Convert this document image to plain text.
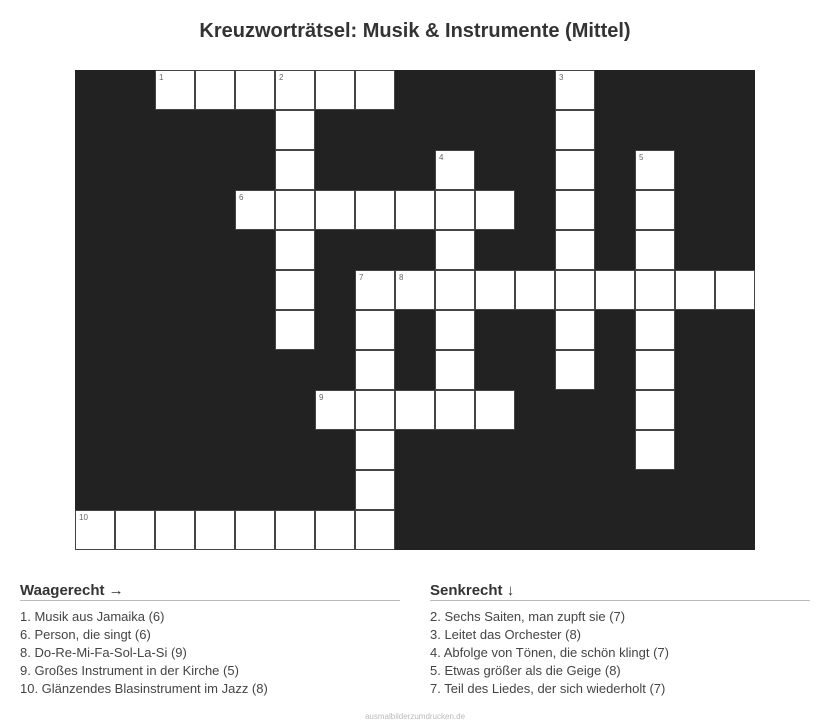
Kreuzworträtsel: Musik & Instrumente (Mittel)
1	2	3
4	5
6
7	8
9
10
Waagerecht →
1. Musik aus Jamaika (6)
6. Person, die singt (6)
8. Do-Re-Mi-Fa-Sol-La-Si (9)
9. Großes Instrument in der Kirche (5)
10. Glänzendes Blasinstrument im Jazz (8)
Senkrecht ↓
2. Sechs Saiten, man zupft sie (7)
3. Leitet das Orchester (8)
4. Abfolge von Tönen, die schön klingt (7)
5. Etwas größer als die Geige (8)
7. Teil des Liedes, der sich wiederholt (7)
ausmalbilderzumdrucken.de
